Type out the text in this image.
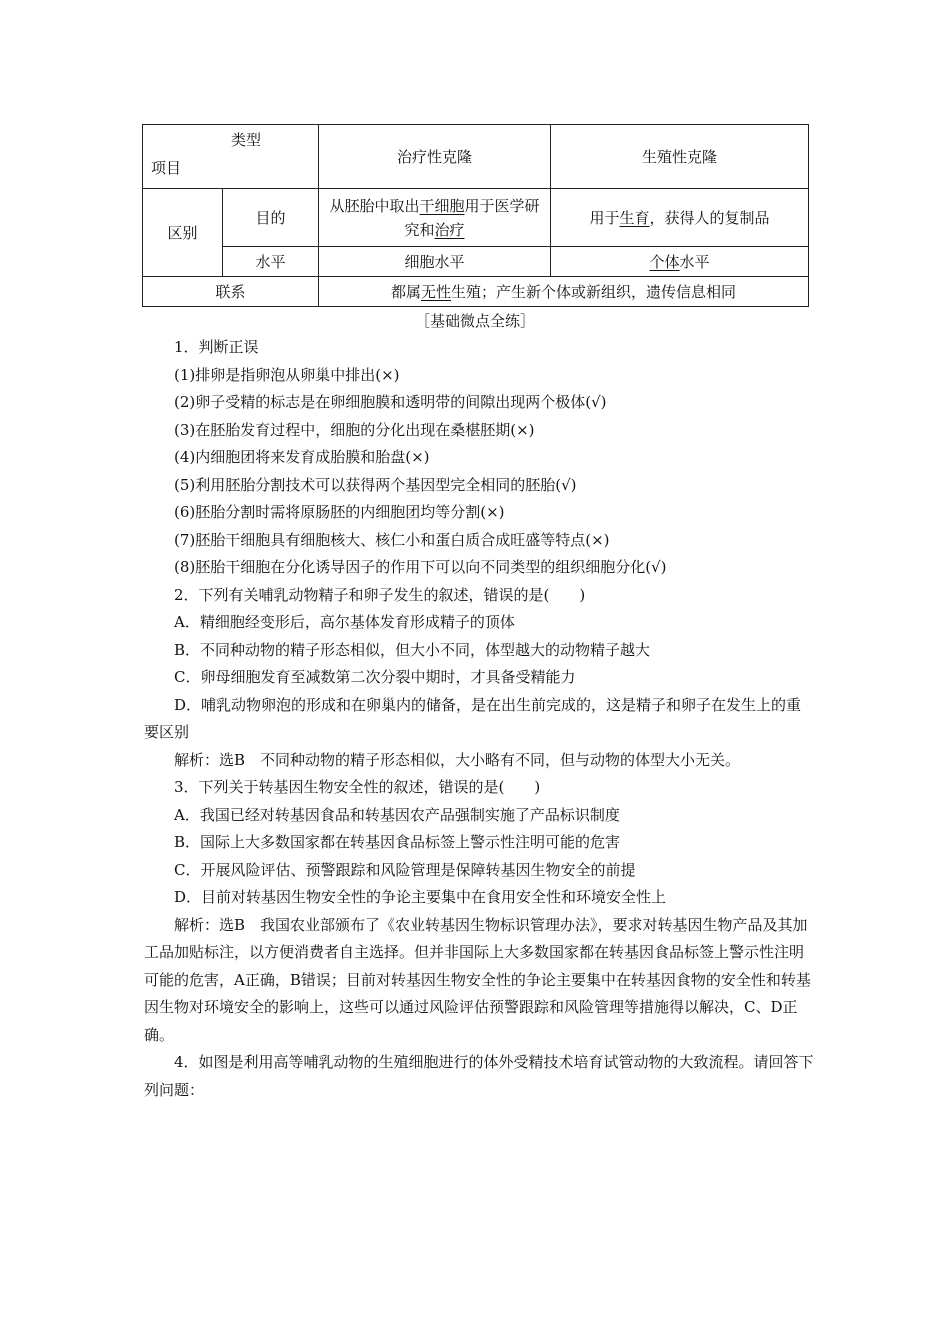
类型
项目		治疗性克隆	生殖性克隆
区别	目的	从胚胎中取出干细胞用于医学研究和治疗	用于生育，获得人的复制品
	水平	细胞水平	个体水平
联系		都属无性生殖；产生新个体或新组织，遗传信息相同	
［基础微点全练］

1．判断正误

(1)排卵是指卵泡从卵巢中排出(×)

(2)卵子受精的标志是在卵细胞膜和透明带的间隙出现两个极体(√)

(3)在胚胎发育过程中，细胞的分化出现在桑椹胚期(×)

(4)内细胞团将来发育成胎膜和胎盘(×)

(5)利用胚胎分割技术可以获得两个基因型完全相同的胚胎(√)

(6)胚胎分割时需将原肠胚的内细胞团均等分割(×)

(7)胚胎干细胞具有细胞核大、核仁小和蛋白质合成旺盛等特点(×)

(8)胚胎干细胞在分化诱导因子的作用下可以向不同类型的组织细胞分化(√)

2．下列有关哺乳动物精子和卵子发生的叙述，错误的是(　　)

A．精细胞经变形后，高尔基体发育形成精子的顶体

B．不同种动物的精子形态相似，但大小不同，体型越大的动物精子越大

C．卵母细胞发育至减数第二次分裂中期时，才具备受精能力

D．哺乳动物卵泡的形成和在卵巢内的储备，是在出生前完成的，这是精子和卵子在发生上的重要区别

解析：选B　不同种动物的精子形态相似，大小略有不同，但与动物的体型大小无关。

3．下列关于转基因生物安全性的叙述，错误的是(　　)

A．我国已经对转基因食品和转基因农产品强制实施了产品标识制度

B．国际上大多数国家都在转基因食品标签上警示性注明可能的危害

C．开展风险评估、预警跟踪和风险管理是保障转基因生物安全的前提

D．目前对转基因生物安全性的争论主要集中在食用安全性和环境安全性上

解析：选B　我国农业部颁布了《农业转基因生物标识管理办法》，要求对转基因生物产品及其加工品加贴标注，以方便消费者自主选择。但并非国际上大多数国家都在转基因食品标签上警示性注明可能的危害，A正确，B错误；目前对转基因生物安全性的争论主要集中在转基因食物的安全性和转基因生物对环境安全的影响上，这些可以通过风险评估预警跟踪和风险管理等措施得以解决，C、D正确。

4．如图是利用高等哺乳动物的生殖细胞进行的体外受精技术培育试管动物的大致流程。请回答下列问题：
